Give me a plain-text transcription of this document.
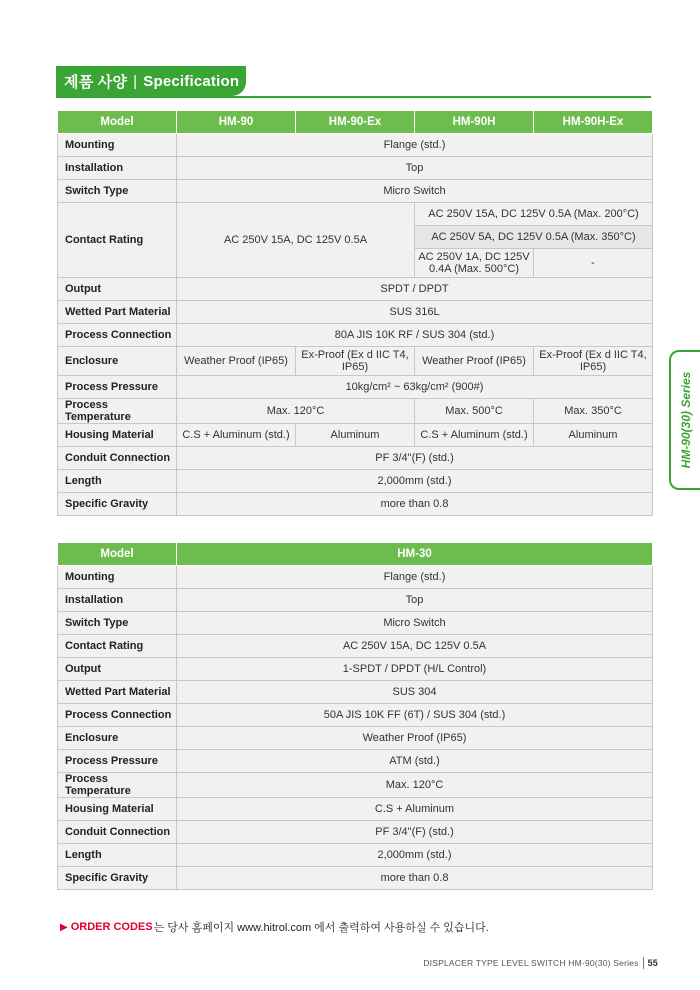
제품 사양 | Specification
Model	HM-90	HM-90-Ex	HM-90H	HM-90H-Ex
Mounting	Flange (std.)			
Installation	Top			
Switch Type	Micro Switch			
Contact Rating	AC 250V 15A, DC 125V 0.5A		AC 250V 15A, DC 125V 0.5A (Max. 200°C)	
			AC 250V 5A, DC 125V 0.5A (Max. 350°C)	
			AC 250V 1A, DC 125V 0.4A (Max. 500°C)	-
Output	SPDT / DPDT			
Wetted Part Material	SUS 316L			
Process Connection	80A JIS 10K RF / SUS 304 (std.)			
Enclosure	Weather Proof (IP65)	Ex-Proof (Ex d IIC T4, IP65)	Weather Proof (IP65)	Ex-Proof (Ex d IIC T4, IP65)
Process Pressure	10kg/cm² ~ 63kg/cm² (900#)			
Process Temperature	Max. 120°C		Max. 500°C	Max. 350°C
Housing Material	C.S + Aluminum (std.)	Aluminum	C.S + Aluminum (std.)	Aluminum
Conduit Connection	PF 3/4"(F) (std.)			
Length	2,000mm (std.)			
Specific Gravity	more than 0.8			
Model	HM-30
Mounting	Flange (std.)
Installation	Top
Switch Type	Micro Switch
Contact Rating	AC 250V 15A, DC 125V 0.5A
Output	1-SPDT / DPDT (H/L Control)
Wetted Part Material	SUS 304
Process Connection	50A JIS 10K FF (6T) / SUS 304 (std.)
Enclosure	Weather Proof (IP65)
Process Pressure	ATM (std.)
Process Temperature	Max. 120°C
Housing Material	C.S + Aluminum
Conduit Connection	PF 3/4"(F) (std.)
Length	2,000mm (std.)
Specific Gravity	more than 0.8
HM-90(30) Series
▶ ORDER CODES 는 당사 홈페이지 www.hitrol.com 에서 출력하여 사용하실 수 있습니다.
DISPLACER TYPE LEVEL SWITCH HM-90(30) Series 55
